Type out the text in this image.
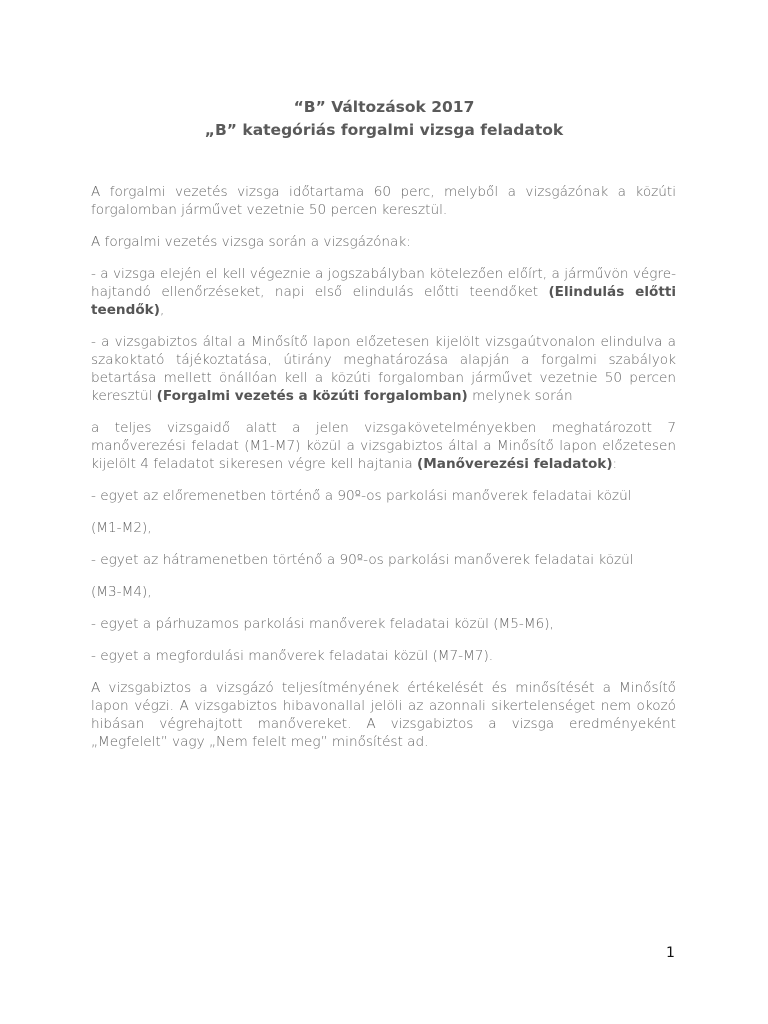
“B” Változások 2017
„B” kategóriás forgalmi vizsga feladatok

A forgalmi vezetés vizsga időtartama 60 perc, melyből a vizsgázónak a közúti forgalomban járművet vezetnie 50 percen keresztül.

A forgalmi vezetés vizsga során a vizsgázónak:

- a vizsga elején el kell végeznie a jogszabályban kötelezően előírt, a járművön végre-hajtandó ellenőrzéseket, napi első elindulás előtti teendőket (Elindulás előtti teendők),

- a vizsgabiztos által a Minősítő lapon előzetesen kijelölt vizsgaútvonalon elindulva a szakoktató tájékoztatása, útirány meghatározása alapján a forgalmi szabályok betartása mellett önállóan kell a közúti forgalomban járművet vezetnie 50 percen keresztül (Forgalmi vezetés a közúti forgalomban) melynek során

a teljes vizsgaidő alatt a jelen vizsgakövetelményekben meghatározott 7 manőverezési feladat (M1-M7) közül a vizsgabiztos által a Minősítő lapon előzetesen kijelölt 4 feladatot sikeresen végre kell hajtania (Manőverezési feladatok):

- egyet az előremenetben történő a 90º-os parkolási manőverek feladatai közül

(M1-M2),

- egyet az hátramenetben történő a 90º-os parkolási manőverek feladatai közül

(M3-M4),

- egyet a párhuzamos parkolási manőverek feladatai közül (M5-M6),

- egyet a megfordulási manőverek feladatai közül (M7-M7).

A vizsgabiztos a vizsgázó teljesítményének értékelését és minősítését a Minősítő lapon végzi. A vizsgabiztos hibavonallal jelöli az azonnali sikertelenséget nem okozó hibásan végrehajtott manővereket. A vizsgabiztos a vizsga eredményeként „Megfelelt” vagy „Nem felelt meg” minősítést ad.

1
